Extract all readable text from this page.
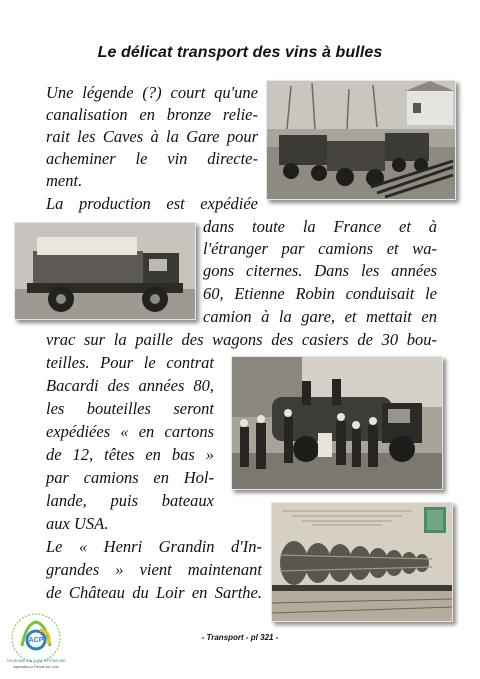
Le délicat transport des vins à bulles
Une légende (?) court qu'une
canalisation en bronze relie-
rait les Caves à la Gare pour
acheminer le vin directe-
ment.
La production est expédiée
dans toute la France et à
l'étranger par camions et wa-
gons citernes. Dans les années
60, Etienne Robin conduisait le
camion à la gare, et mettait en
vrac sur la paille des wagons des casiers de 30 bou-
teilles. Pour le contrat
Bacardi des années 80,
les bouteilles seront
expédiées « en cartons
de 12, têtes en bas »
par camions en Hol-
lande, puis bateaux
aux USA.
Le « Henri Grandin d'In-
grandes » vient maintenant
de Château du Loir en Sarthe.
ACP
TOURISME CULTURE PATRIMOINE
Ingrandes-Le Fresne sur Loire
- Transport - pl 321 -
